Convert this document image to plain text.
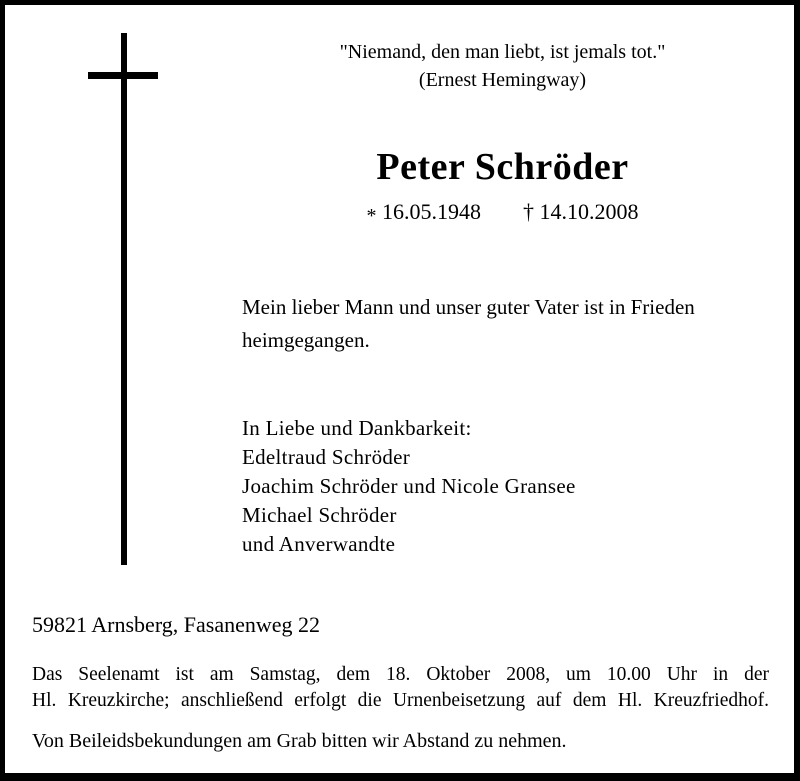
"Niemand, den man liebt, ist jemals tot."
(Ernest Hemingway)
Peter Schröder
* 16.05.1948 † 14.10.2008
Mein lieber Mann und unser guter Vater ist in Frieden
heimgegangen.
In Liebe und Dankbarkeit:
Edeltraud Schröder
Joachim Schröder und Nicole Gransee
Michael Schröder
und Anverwandte
59821 Arnsberg, Fasanenweg 22
Das Seelenamt ist am Samstag, dem 18. Oktober 2008, um 10.00 Uhr in der
Hl. Kreuzkirche; anschließend erfolgt die Urnenbeisetzung auf dem Hl. Kreuzfriedhof.
Von Beileidsbekundungen am Grab bitten wir Abstand zu nehmen.
